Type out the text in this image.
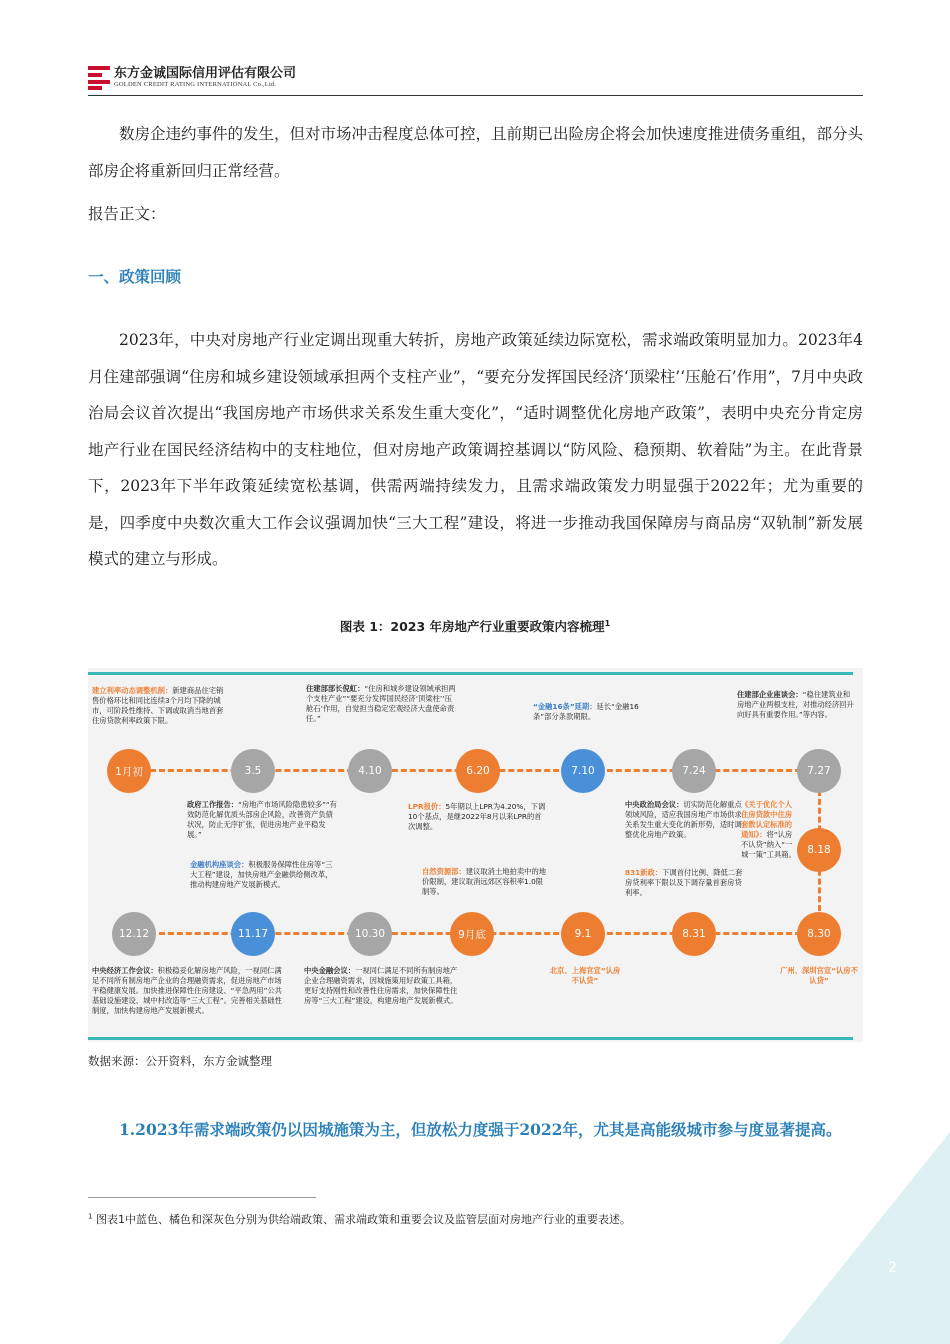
东方金诚国际信用评估有限公司
GOLDEN CREDIT RATING INTERNATIONAL Co.,Ltd.
数房企违约事件的发生，但对市场冲击程度总体可控，且前期已出险房企将会加快速度推进债务重组，部分头部房企将重新回归正常经营。
报告正文：
一、政策回顾
2023年，中央对房地产行业定调出现重大转折，房地产政策延续边际宽松，需求端政策明显加力。2023年4月住建部强调“住房和城乡建设领域承担两个支柱产业”，“要充分发挥国民经济‘顶梁柱’‘压舱石’作用”，7月中央政治局会议首次提出“我国房地产市场供求关系发生重大变化”，“适时调整优化房地产政策”，表明中央充分肯定房地产行业在国民经济结构中的支柱地位，但对房地产政策调控基调以“防风险、稳预期、软着陆”为主。在此背景下，2023年下半年政策延续宽松基调，供需两端持续发力，且需求端政策发力明显强于2022年；尤为重要的是，四季度中央数次重大工作会议强调加快“三大工程”建设，将进一步推动我国保障房与商品房“双轨制”新发展模式的建立与形成。
图表 1：2023 年房地产行业重要政策内容梳理$^1$
1月初	3.5	4.10	6.20	7.10	7.24	7.27
8.18
8.30
8.31
9.1
9月底
10.30
11.17
12.12
建立利率动态调整机制：新建商品住宅销售价格环比和同比连续3个月均下降的城市，可阶段性维持、下调或取消当地首套住房贷款利率政策下限。
住建部部长倪虹：“住房和城乡建设领域承担两个支柱产业”“要充分发挥国民经济‘顶梁柱’‘压舱石’作用，自觉担当稳定宏观经济大盘使命责任。”
“金融16条”延期：延长“金融16条”部分条款期限。
住建部企业座谈会：“稳住建筑业和房地产业两根支柱，对推动经济回升向好具有重要作用。”等内容。
政府工作报告：“房地产市场风险隐患较多”“有效防范化解优质头部房企风险，改善资产负债状况，防止无序扩张，促进房地产业平稳发展。”
LPR报价：5年期以上LPR为4.20%，下调10个基点，是继2022年8月以来LPR的首次调整。
中央政治局会议：切实防范化解重点领域风险，适应我国房地产市场供求关系发生重大变化的新形势，适时调整优化房地产政策。
《关于优化个人住房贷款中住房套数认定标准的通知》：将“认房不认贷”纳入“一城一策”工具箱。
金融机构座谈会：积极服务保障性住房等“三大工程”建设，加快房地产金融供给侧改革，推动构建房地产发展新模式。
自然资源部：建议取消土地拍卖中的地价限制，建议取消远郊区容积率1.0限制等。
831新政：下调首付比例、降低二套房贷利率下限以及下调存量首套房贷利率。
中央经济工作会议：积极稳妥化解房地产风险，一视同仁满足不同所有制房地产企业的合理融资需求，促进房地产市场平稳健康发展。加快推进保障性住房建设、“平急两用”公共基础设施建设、城中村改造等“三大工程”。完善相关基础性制度，加快构建房地产发展新模式。
中央金融会议：一视同仁满足不同所有制房地产企业合理融资需求，因城施策用好政策工具箱，更好支持刚性和改善性住房需求，加快保障性住房等“三大工程”建设，构建房地产发展新模式。
北京、上海官宣“认房不认贷”
广州、深圳官宣“认房不认贷”
数据来源：公开资料，东方金诚整理
1.2023年需求端政策仍以因城施策为主，但放松力度强于2022年，尤其是高能级城市参与度显著提高。
$^1$ 图表1中蓝色、橘色和深灰色分别为供给端政策、需求端政策和重要会议及监管层面对房地产行业的重要表述。
2
